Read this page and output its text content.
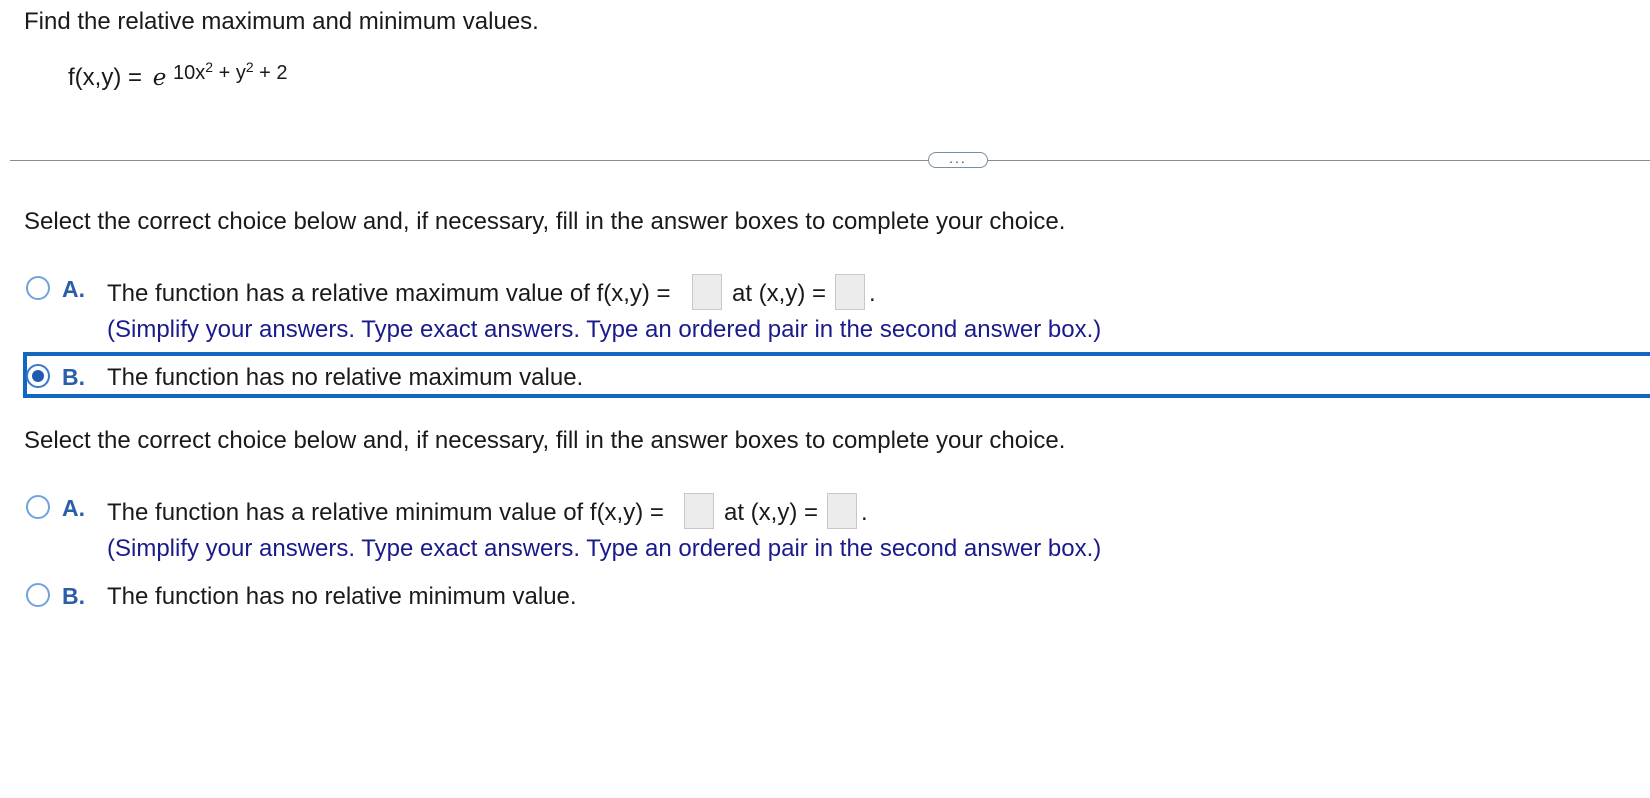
Find the relative maximum and minimum values.
f(x,y) = e $^{10x^2 + y^2 + 2}$
...
Select the correct choice below and, if necessary, fill in the answer boxes to complete your choice.
A. The function has a relative maximum value of f(x,y) =	at (x,y) = .
(Simplify your answers. Type exact answers. Type an ordered pair in the second answer box.)
B. The function has no relative maximum value.
Select the correct choice below and, if necessary, fill in the answer boxes to complete your choice.
A. The function has a relative minimum value of f(x,y) =	at (x,y) = .
(Simplify your answers. Type exact answers. Type an ordered pair in the second answer box.)
B. The function has no relative minimum value.
